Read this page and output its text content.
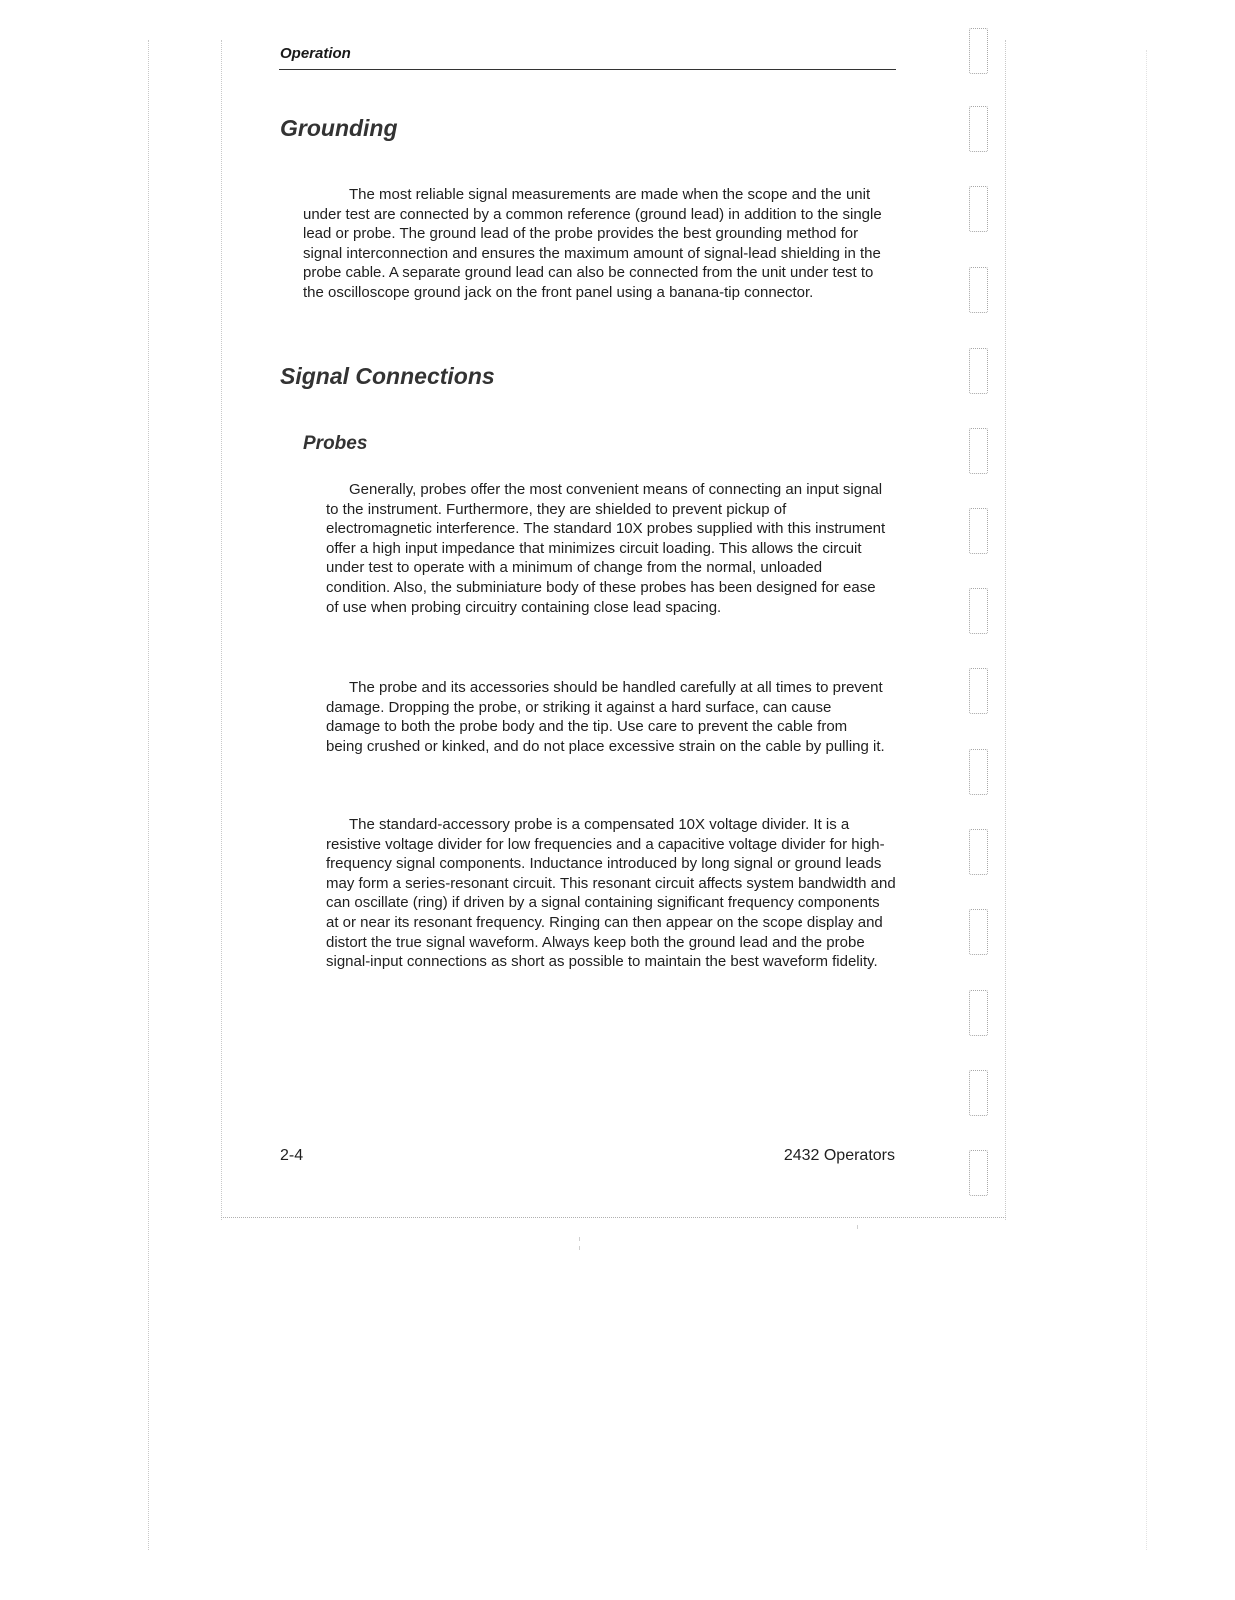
Operation
Grounding
The most reliable signal measurements are made when the scope and the unit under test are connected by a common reference (ground lead) in addition to the single lead or probe. The ground lead of the probe provides the best grounding method for signal interconnection and ensures the maximum amount of signal-lead shielding in the probe cable. A separate ground lead can also be connected from the unit under test to the oscilloscope ground jack on the front panel using a banana-tip connector.
Signal Connections
Probes
Generally, probes offer the most convenient means of connecting an input signal to the instrument. Furthermore, they are shielded to prevent pickup of electromagnetic interference. The standard 10X probes supplied with this instrument offer a high input impedance that minimizes circuit loading. This allows the circuit under test to operate with a minimum of change from the normal, unloaded condition. Also, the subminiature body of these probes has been designed for ease of use when probing circuitry containing close lead spacing.
The probe and its accessories should be handled carefully at all times to prevent damage. Dropping the probe, or striking it against a hard surface, can cause damage to both the probe body and the tip. Use care to prevent the cable from being crushed or kinked, and do not place excessive strain on the cable by pulling it.
The standard-accessory probe is a compensated 10X voltage divider. It is a resistive voltage divider for low frequencies and a capacitive voltage divider for high-frequency signal components. Inductance introduced by long signal or ground leads may form a series-resonant circuit. This resonant circuit affects system bandwidth and can oscillate (ring) if driven by a signal containing significant frequency components at or near its resonant frequency. Ringing can then appear on the scope display and distort the true signal waveform. Always keep both the ground lead and the probe signal-input connections as short as possible to maintain the best waveform fidelity.
2-4	2432 Operators
